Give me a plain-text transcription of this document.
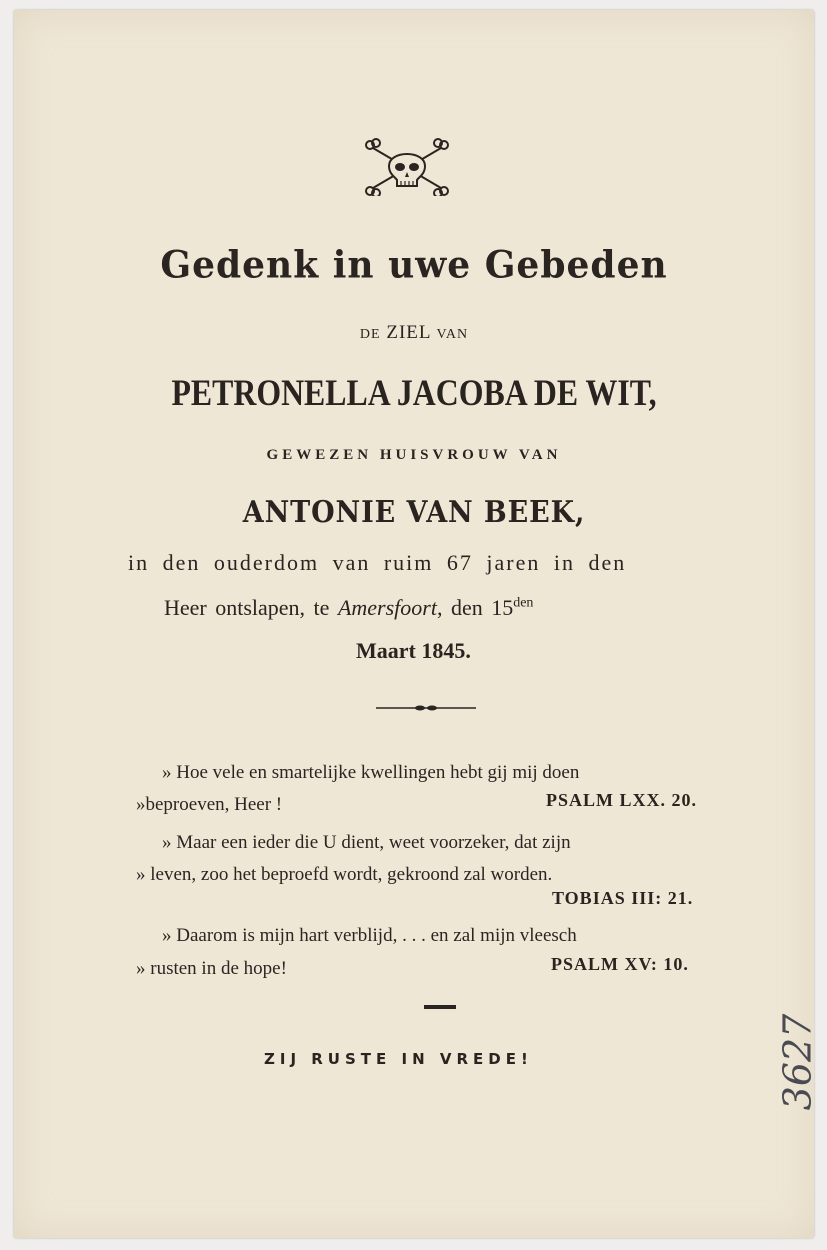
Gedenk in uwe Gebeden
DE ZIEL VAN
PETRONELLA JACOBA DE WIT,
GEWEZEN HUISVROUW VAN
ANTONIE VAN BEEK,
in den ouderdom van ruim 67 jaren in den
Heer ontslapen, te Amersfoort, den $15^{den}$
Maart 1845.
» Hoe vele en smartelijke kwellingen hebt gij mij doen
»beproeven, Heer !	PSALM LXX. 20.
» Maar een ieder die U dient, weet voorzeker, dat zijn
» leven, zoo het beproefd wordt, gekroond zal worden.
TOBIAS III: 21.
» Daarom is mijn hart verblijd, . . . en zal mijn vleesch
» rusten in de hope!	PSALM XV: 10.
ZIJ RUSTE IN VREDE!	3627
